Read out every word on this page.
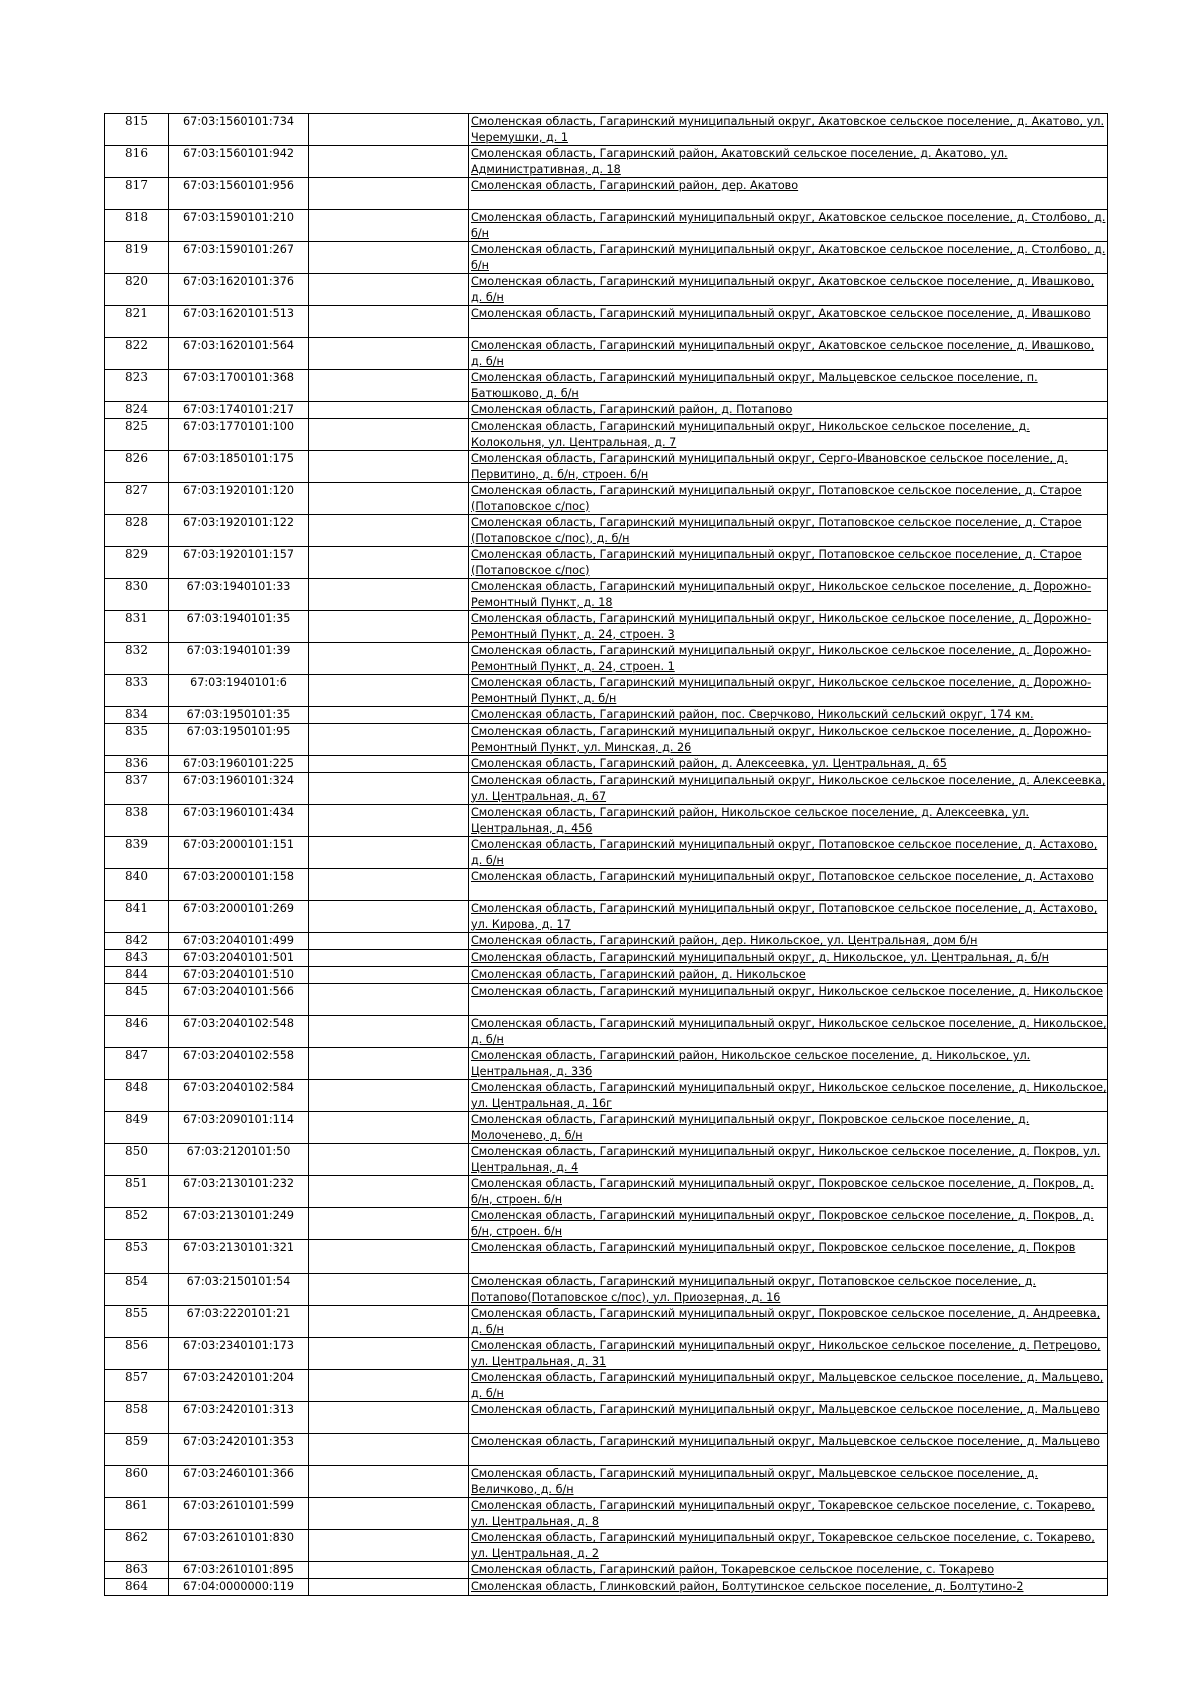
815	67:03:1560101:734		Смоленская область, Гагаринский муниципальный округ, Акатовское сельское поселение, д. Акатово, ул. Черемушки, д. 1
816	67:03:1560101:942		Смоленская область, Гагаринский район, Акатовский сельское поселение, д. Акатово, ул. Административная, д. 18
817	67:03:1560101:956		Смоленская область, Гагаринский район, дер. Акатово
818	67:03:1590101:210		Смоленская область, Гагаринский муниципальный округ, Акатовское сельское поселение, д. Столбово, д. б/н
819	67:03:1590101:267		Смоленская область, Гагаринский муниципальный округ, Акатовское сельское поселение, д. Столбово, д. б/н
820	67:03:1620101:376		Смоленская область, Гагаринский муниципальный округ, Акатовское сельское поселение, д. Ивашково, д. б/н
821	67:03:1620101:513		Смоленская область, Гагаринский муниципальный округ, Акатовское сельское поселение, д. Ивашково
822	67:03:1620101:564		Смоленская область, Гагаринский муниципальный округ, Акатовское сельское поселение, д. Ивашково, д. б/н
823	67:03:1700101:368		Смоленская область, Гагаринский муниципальный округ, Мальцевское сельское поселение, п. Батюшково, д. б/н
824	67:03:1740101:217		Смоленская область, Гагаринский район, д. Потапово
825	67:03:1770101:100		Смоленская область, Гагаринский муниципальный округ, Никольское сельское поселение, д. Колокольня, ул. Центральная, д. 7
826	67:03:1850101:175		Смоленская область, Гагаринский муниципальный округ, Серго-Ивановское сельское поселение, д. Первитино, д. б/н, строен. б/н
827	67:03:1920101:120		Смоленская область, Гагаринский муниципальный округ, Потаповское сельское поселение, д. Старое (Потаповское с/пос)
828	67:03:1920101:122		Смоленская область, Гагаринский муниципальный округ, Потаповское сельское поселение, д. Старое (Потаповское с/пос), д. б/н
829	67:03:1920101:157		Смоленская область, Гагаринский муниципальный округ, Потаповское сельское поселение, д. Старое (Потаповское с/пос)
830	67:03:1940101:33		Смоленская область, Гагаринский муниципальный округ, Никольское сельское поселение, д. Дорожно-Ремонтный Пункт, д. 18
831	67:03:1940101:35		Смоленская область, Гагаринский муниципальный округ, Никольское сельское поселение, д. Дорожно-Ремонтный Пункт, д. 24, строен. 3
832	67:03:1940101:39		Смоленская область, Гагаринский муниципальный округ, Никольское сельское поселение, д. Дорожно-Ремонтный Пункт, д. 24, строен. 1
833	67:03:1940101:6		Смоленская область, Гагаринский муниципальный округ, Никольское сельское поселение, д. Дорожно-Ремонтный Пункт, д. б/н
834	67:03:1950101:35		Смоленская область, Гагаринский район, пос. Сверчково, Никольский сельский округ, 174 км.
835	67:03:1950101:95		Смоленская область, Гагаринский муниципальный округ, Никольское сельское поселение, д. Дорожно-Ремонтный Пункт, ул. Минская, д. 26
836	67:03:1960101:225		Смоленская область, Гагаринский район, д. Алексеевка, ул. Центральная, д. 65
837	67:03:1960101:324		Смоленская область, Гагаринский муниципальный округ, Никольское сельское поселение, д. Алексеевка, ул. Центральная, д. 67
838	67:03:1960101:434		Смоленская область, Гагаринский район, Никольское сельское поселение, д. Алексеевка, ул. Центральная, д. 456
839	67:03:2000101:151		Смоленская область, Гагаринский муниципальный округ, Потаповское сельское поселение, д. Астахово, д. б/н
840	67:03:2000101:158		Смоленская область, Гагаринский муниципальный округ, Потаповское сельское поселение, д. Астахово
841	67:03:2000101:269		Смоленская область, Гагаринский муниципальный округ, Потаповское сельское поселение, д. Астахово, ул. Кирова, д. 17
842	67:03:2040101:499		Смоленская область, Гагаринский район, дер. Никольское, ул. Центральная, дом б/н
843	67:03:2040101:501		Смоленская область, Гагаринский муниципальный округ, д. Никольское, ул. Центральная, д. б/н
844	67:03:2040101:510		Смоленская область, Гагаринский район, д. Никольское
845	67:03:2040101:566		Смоленская область, Гагаринский муниципальный округ, Никольское сельское поселение, д. Никольское
846	67:03:2040102:548		Смоленская область, Гагаринский муниципальный округ, Никольское сельское поселение, д. Никольское, д. б/н
847	67:03:2040102:558		Смоленская область, Гагаринский район, Никольское сельское поселение, д. Никольское, ул. Центральная, д. 33б
848	67:03:2040102:584		Смоленская область, Гагаринский муниципальный округ, Никольское сельское поселение, д. Никольское, ул. Центральная, д. 16г
849	67:03:2090101:114		Смоленская область, Гагаринский муниципальный округ, Покровское сельское поселение, д. Молоченево, д. б/н
850	67:03:2120101:50		Смоленская область, Гагаринский муниципальный округ, Никольское сельское поселение, д. Покров, ул. Центральная, д. 4
851	67:03:2130101:232		Смоленская область, Гагаринский муниципальный округ, Покровское сельское поселение, д. Покров, д. б/н, строен. б/н
852	67:03:2130101:249		Смоленская область, Гагаринский муниципальный округ, Покровское сельское поселение, д. Покров, д. б/н, строен. б/н
853	67:03:2130101:321		Смоленская область, Гагаринский муниципальный округ, Покровское сельское поселение, д. Покров
854	67:03:2150101:54		Смоленская область, Гагаринский муниципальный округ, Потаповское сельское поселение, д. Потапово(Потаповское с/пос), ул. Приозерная, д. 16
855	67:03:2220101:21		Смоленская область, Гагаринский муниципальный округ, Покровское сельское поселение, д. Андреевка, д. б/н
856	67:03:2340101:173		Смоленская область, Гагаринский муниципальный округ, Никольское сельское поселение, д. Петрецово, ул. Центральная, д. 31
857	67:03:2420101:204		Смоленская область, Гагаринский муниципальный округ, Мальцевское сельское поселение, д. Мальцево, д. б/н
858	67:03:2420101:313		Смоленская область, Гагаринский муниципальный округ, Мальцевское сельское поселение, д. Мальцево
859	67:03:2420101:353		Смоленская область, Гагаринский муниципальный округ, Мальцевское сельское поселение, д. Мальцево
860	67:03:2460101:366		Смоленская область, Гагаринский муниципальный округ, Мальцевское сельское поселение, д. Величково, д. б/н
861	67:03:2610101:599		Смоленская область, Гагаринский муниципальный округ, Токаревское сельское поселение, с. Токарево, ул. Центральная, д. 8
862	67:03:2610101:830		Смоленская область, Гагаринский муниципальный округ, Токаревское сельское поселение, с. Токарево, ул. Центральная, д. 2
863	67:03:2610101:895		Смоленская область, Гагаринский район, Токаревское сельское поселение, с. Токарево
864	67:04:0000000:119		Смоленская область, Глинковский район, Болтутинское сельское поселение, д. Болтутино-2
